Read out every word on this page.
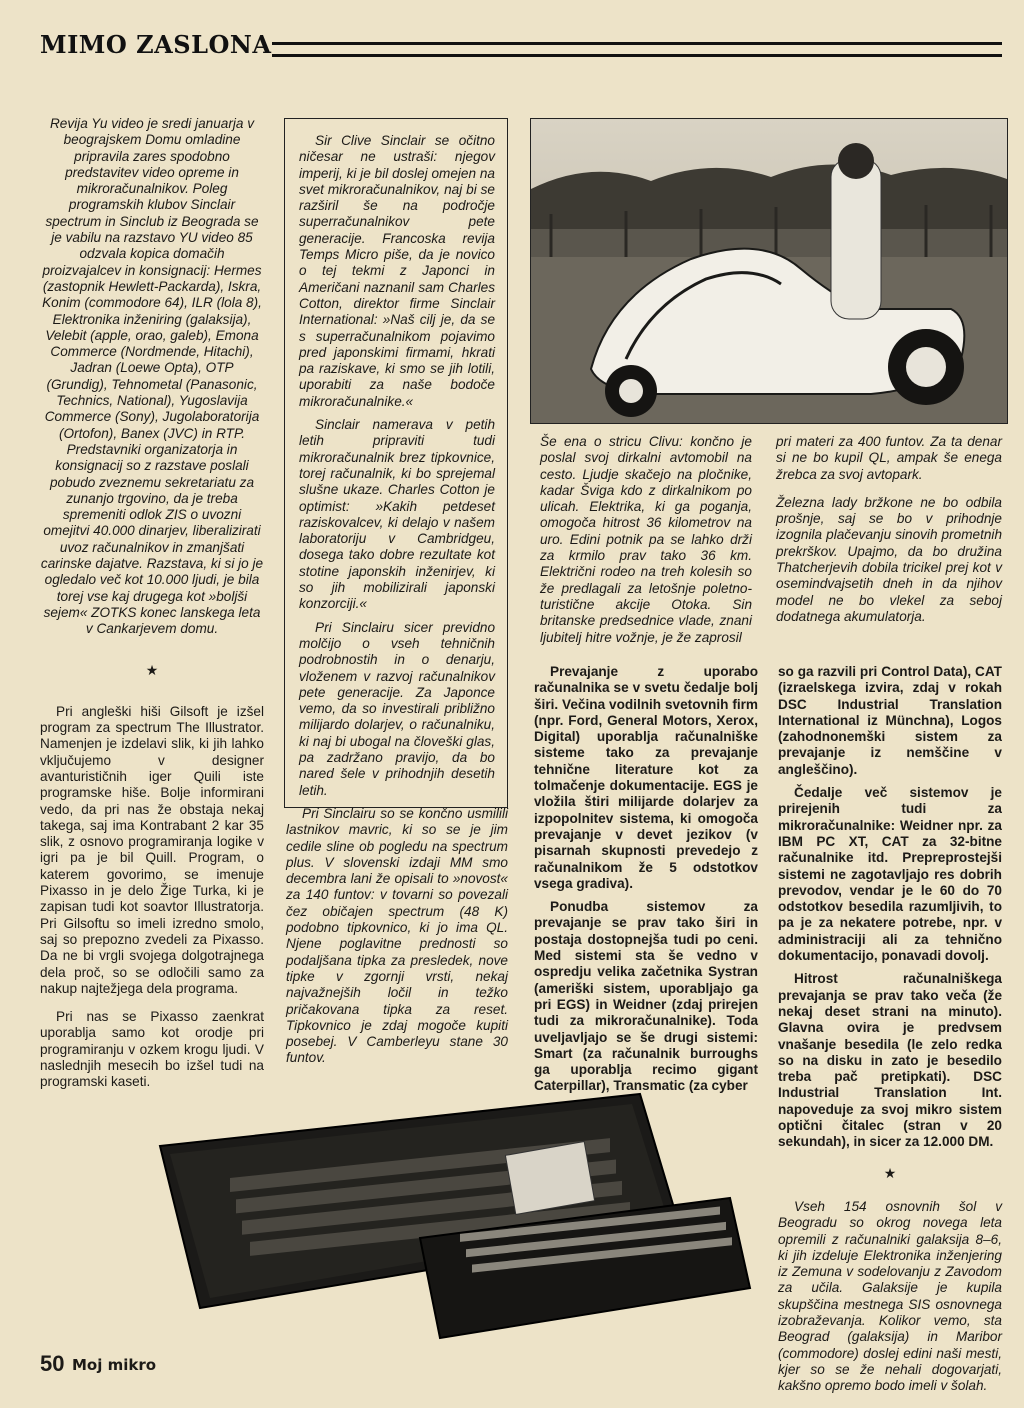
MIMO ZASLONA

Revija Yu video je sredi januarja v beograjskem Domu omladine pripravila zares spodobno predstavitev video opreme in mikroračunalnikov. Poleg programskih klubov Sinclair spectrum in Sinclub iz Beograda se je vabilu na razstavo YU video 85 odzvala kopica domačih proizvajalcev in konsignacij: Hermes (zastopnik Hewlett-Packarda), Iskra, Konim (commodore 64), ILR (lola 8), Elektronika inženiring (galaksija), Velebit (apple, orao, galeb), Emona Commerce (Nordmende, Hitachi), Jadran (Loewe Opta), OTP (Grundig), Tehnometal (Panasonic, Technics, National), Yugoslavija Commerce (Sony), Jugolaboratorija (Ortofon), Banex (JVC) in RTP. Predstavniki organizatorja in konsignacij so z razstave poslali pobudo zveznemu sekretariatu za zunanjo trgovino, da je treba spremeniti odlok ZIS o uvozni omejitvi 40.000 dinarjev, liberalizirati uvoz računalnikov in zmanjšati carinske dajatve. Razstava, ki si jo je ogledalo več kot 10.000 ljudi, je bila torej vse kaj drugega kot »boljši sejem« ZOTKS konec lanskega leta v Cankarjevem domu.

★

Pri angleški hiši Gilsoft je izšel program za spectrum The Illustrator. Namenjen je izdelavi slik, ki jih lahko vključujemo v designer avanturističnih iger Quili iste programske hiše. Bolje informirani vedo, da pri nas že obstaja nekaj takega, saj ima Kontrabant 2 kar 35 slik, z osnovo programiranja logike v igri pa je bil Quill. Program, o katerem govorimo, se imenuje Pixasso in je delo Žige Turka, ki je zapisan tudi kot soavtor Illustratorja. Pri Gilsoftu so imeli izredno smolo, saj so prepozno zvedeli za Pixasso. Da ne bi vrgli svojega dolgotrajnega dela proč, so se odločili samo za nakup najtežjega dela programa.

Pri nas se Pixasso zaenkrat uporablja samo kot orodje pri programiranju v ozkem krogu ljudi. V naslednjih mesecih bo izšel tudi na programski kaseti.

Sir Clive Sinclair se očitno ničesar ne ustraši: njegov imperij, ki je bil doslej omejen na svet mikroračunalnikov, naj bi se razširil še na področje superračunalnikov pete generacije. Francoska revija Temps Micro piše, da je novico o tej tekmi z Japonci in Američani naznanil sam Charles Cotton, direktor firme Sinclair International: »Naš cilj je, da se s superračunalnikom pojavimo pred japonskimi firmami, hkrati pa raziskave, ki smo se jih lotili, uporabiti za naše bodoče mikroračunalnike.«

Sinclair namerava v petih letih pripraviti tudi mikroračunalnik brez tipkovnice, torej računalnik, ki bo sprejemal slušne ukaze. Charles Cotton je optimist: »Kakih petdeset raziskovalcev, ki delajo v našem laboratoriju v Cambridgeu, dosega tako dobre rezultate kot stotine japonskih inženirjev, ki so jih mobilizirali japonski konzorciji.«

Pri Sinclairu sicer previdno molčijo o vseh tehničnih podrobnostih in o denarju, vloženem v razvoj računalnikov pete generacije. Za Japonce vemo, da so investirali približno milijardo dolarjev, o računalniku, ki naj bi ubogal na človeški glas, pa zadržano pravijo, da bo nared šele v prihodnjih desetih letih.

Pri Sinclairu so se končno usmilili lastnikov mavric, ki so se je jim cedile sline ob pogledu na spectrum plus. V slovenski izdaji MM smo decembra lani že opisali to »novost« za 140 funtov: v tovarni so povezali čez običajen spectrum (48 K) podobno tipkovnico, ki jo ima QL. Njene poglavitne prednosti so podaljšana tipka za presledek, nove tipke v zgornji vrsti, nekaj najvažnejših ločil in težko pričakovana tipka za reset. Tipkovnico je zdaj mogoče kupiti posebej. V Camberleyu stane 30 funtov.

Še ena o stricu Clivu: končno je poslal svoj dirkalni avtomobil na cesto. Ljudje skačejo na pločnike, kadar Šviga kdo z dirkalnikom po ulicah. Elektrika, ki ga poganja, omogoča hitrost 36 kilometrov na uro. Edini potnik pa se lahko drži za krmilo prav tako 36 km. Električni rodeo na treh kolesih so že predlagali za letošnje poletno-turistične akcije Otoka. Sin britanske predsednice vlade, znani ljubitelj hitre vožnje, je že zaprosil

pri materi za 400 funtov. Za ta denar si ne bo kupil QL, ampak še enega žrebca za svoj avtopark.

Železna lady bržkone ne bo odbila prošnje, saj se bo v prihodnje izognila plačevanju sinovih prometnih prekrškov. Upajmo, da bo družina Thatcherjevih dobila tricikel prej kot v osemindvajsetih dneh in da njihov model ne bo vlekel za seboj dodatnega akumulatorja.

Prevajanje z uporabo računalnika se v svetu čedalje bolj širi. Večina vodilnih svetovnih firm (npr. Ford, General Motors, Xerox, Digital) uporablja računalniške sisteme tako za prevajanje tehnične literature kot za tolmačenje dokumentacije. EGS je vložila štiri milijarde dolarjev za izpopolnitev sistema, ki omogoča prevajanje v devet jezikov (v pisarnah skupnosti prevedejo z računalnikom že 5 odstotkov vsega gradiva).

Ponudba sistemov za prevajanje se prav tako širi in postaja dostopnejša tudi po ceni. Med sistemi sta še vedno v ospredju velika začetnika Systran (ameriški sistem, uporabljajo ga pri EGS) in Weidner (zdaj prirejen tudi za mikroračunalnike). Toda uveljavljajo se še drugi sistemi: Smart (za računalnik burroughs ga uporablja recimo gigant Caterpillar), Transmatic (za cyber

so ga razvili pri Control Data), CAT (izraelskega izvira, zdaj v rokah DSC Industrial Translation International iz Münchna), Logos (zahodnonemški sistem za prevajanje iz nemščine v angleščino).

Čedalje več sistemov je prirejenih tudi za mikroračunalnike: Weidner npr. za IBM PC XT, CAT za 32-bitne računalnike itd. Prepreprostejši sistemi ne zagotavljajo res dobrih prevodov, vendar je le 60 do 70 odstotkov besedila razumljivih, to pa je za nekatere potrebe, npr. v administraciji ali za tehnično dokumentacijo, ponavadi dovolj.

Hitrost računalniškega prevajanja se prav tako veča (že nekaj deset strani na minuto). Glavna ovira je predvsem vnašanje besedila (le zelo redka so na disku in zato je besedilo treba pač pretipkati). DSC Industrial Translation Int. napoveduje za svoj mikro sistem optični čitalec (stran v 20 sekundah), in sicer za 12.000 DM.

★

Vseh 154 osnovnih šol v Beogradu so okrog novega leta opremili z računalniki galaksija 8–6, ki jih izdeluje Elektronika inženjering iz Zemuna v sodelovanju z Zavodom za učila. Galaksije je kupila skupščina mestnega SIS osnovnega izobraževanja. Kolikor vemo, sta Beograd (galaksija) in Maribor (commodore) doslej edini naši mesti, kjer so se že nehali dogovarjati, kakšno opremo bodo imeli v šolah.

50 Moj mikro
